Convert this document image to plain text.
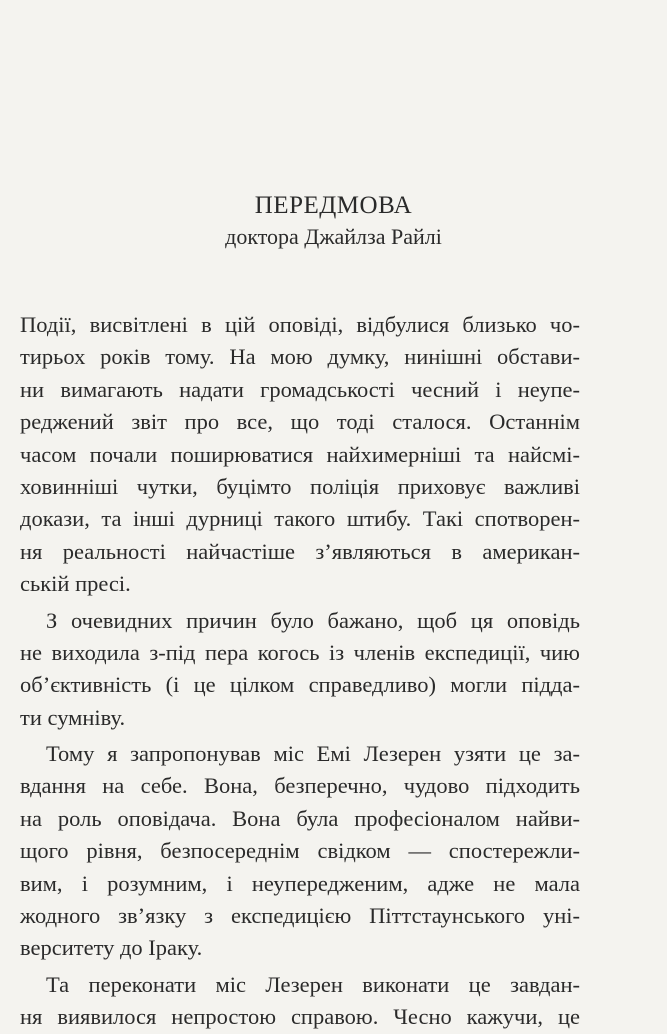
ПЕРЕДМОВА
доктора Джайлза Райлі
Події, висвітлені в цій оповіді, відбулися близько чо-
тирьох років тому. На мою думку, нинішні обстави-
ни вимагають надати громадськості чесний і неупе-
реджений звіт про все, що тоді сталося. Останнім
часом почали поширюватися найхимерніші та найсмі-
ховинніші чутки, буцімто поліція приховує важливі
докази, та інші дурниці такого штибу. Такі спотворен-
ня реальності найчастіше з’являються в американ-
ській пресі.
З очевидних причин було бажано, щоб ця оповідь
не виходила з-під пера когось із членів експедиції, чию
об’єктивність (і це цілком справедливо) могли підда-
ти сумніву.
Тому я запропонував міс Емі Лезерен узяти це за-
вдання на себе. Вона, безперечно, чудово підходить
на роль оповідача. Вона була професіоналом найви-
щого рівня, безпосереднім свідком — спостережли-
вим, і розумним, і неупередженим, адже не мала
жодного зв’язку з експедицією Піттстаунського уні-
верситету до Іраку.
Та переконати міс Лезерен виконати це завдан-
ня виявилося непростою справою. Чесно кажучи, це
